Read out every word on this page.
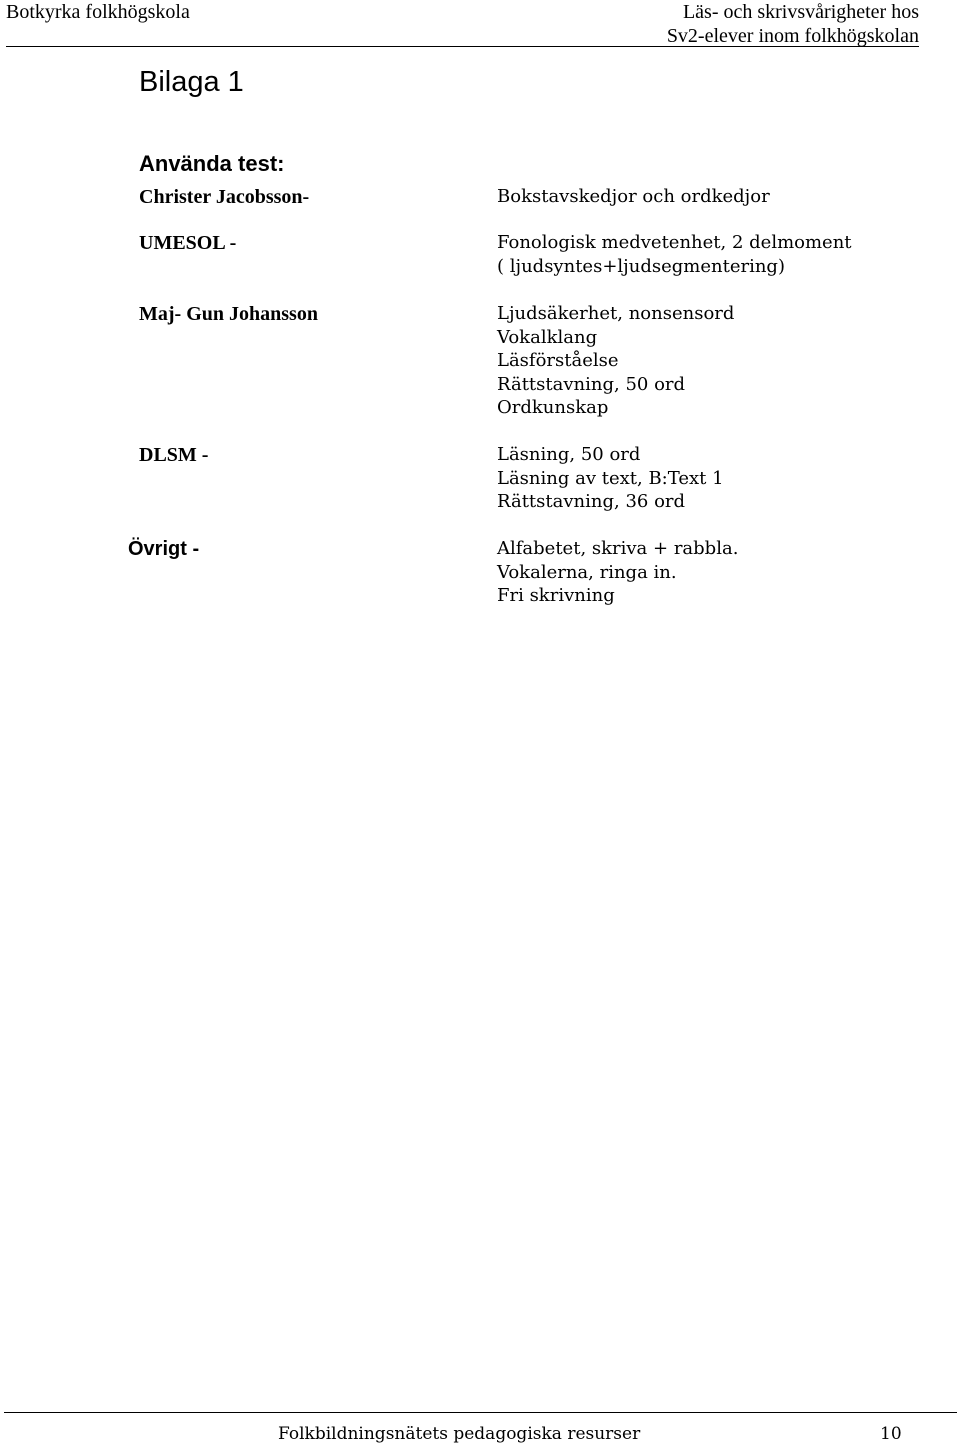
Botkyrka folkhögskola	Läs- och skrivsvårigheter hos
Sv2-elever inom folkhögskolan
Bilaga 1
Använda test:
Christer Jacobsson-	Bokstavskedjor och ordkedjor
UMESOL -	Fonologisk medvetenhet, 2 delmoment
( ljudsyntes+ljudsegmentering)
Maj- Gun Johansson	Ljudsäkerhet, nonsensord
Vokalklang
Läsförståelse
Rättstavning, 50 ord
Ordkunskap
DLSM -	Läsning, 50 ord
Läsning av text, B:Text 1
Rättstavning, 36 ord
Övrigt -	Alfabetet, skriva + rabbla.
Vokalerna, ringa in.
Fri skrivning
Folkbildningsnätets pedagogiska resurser	10
